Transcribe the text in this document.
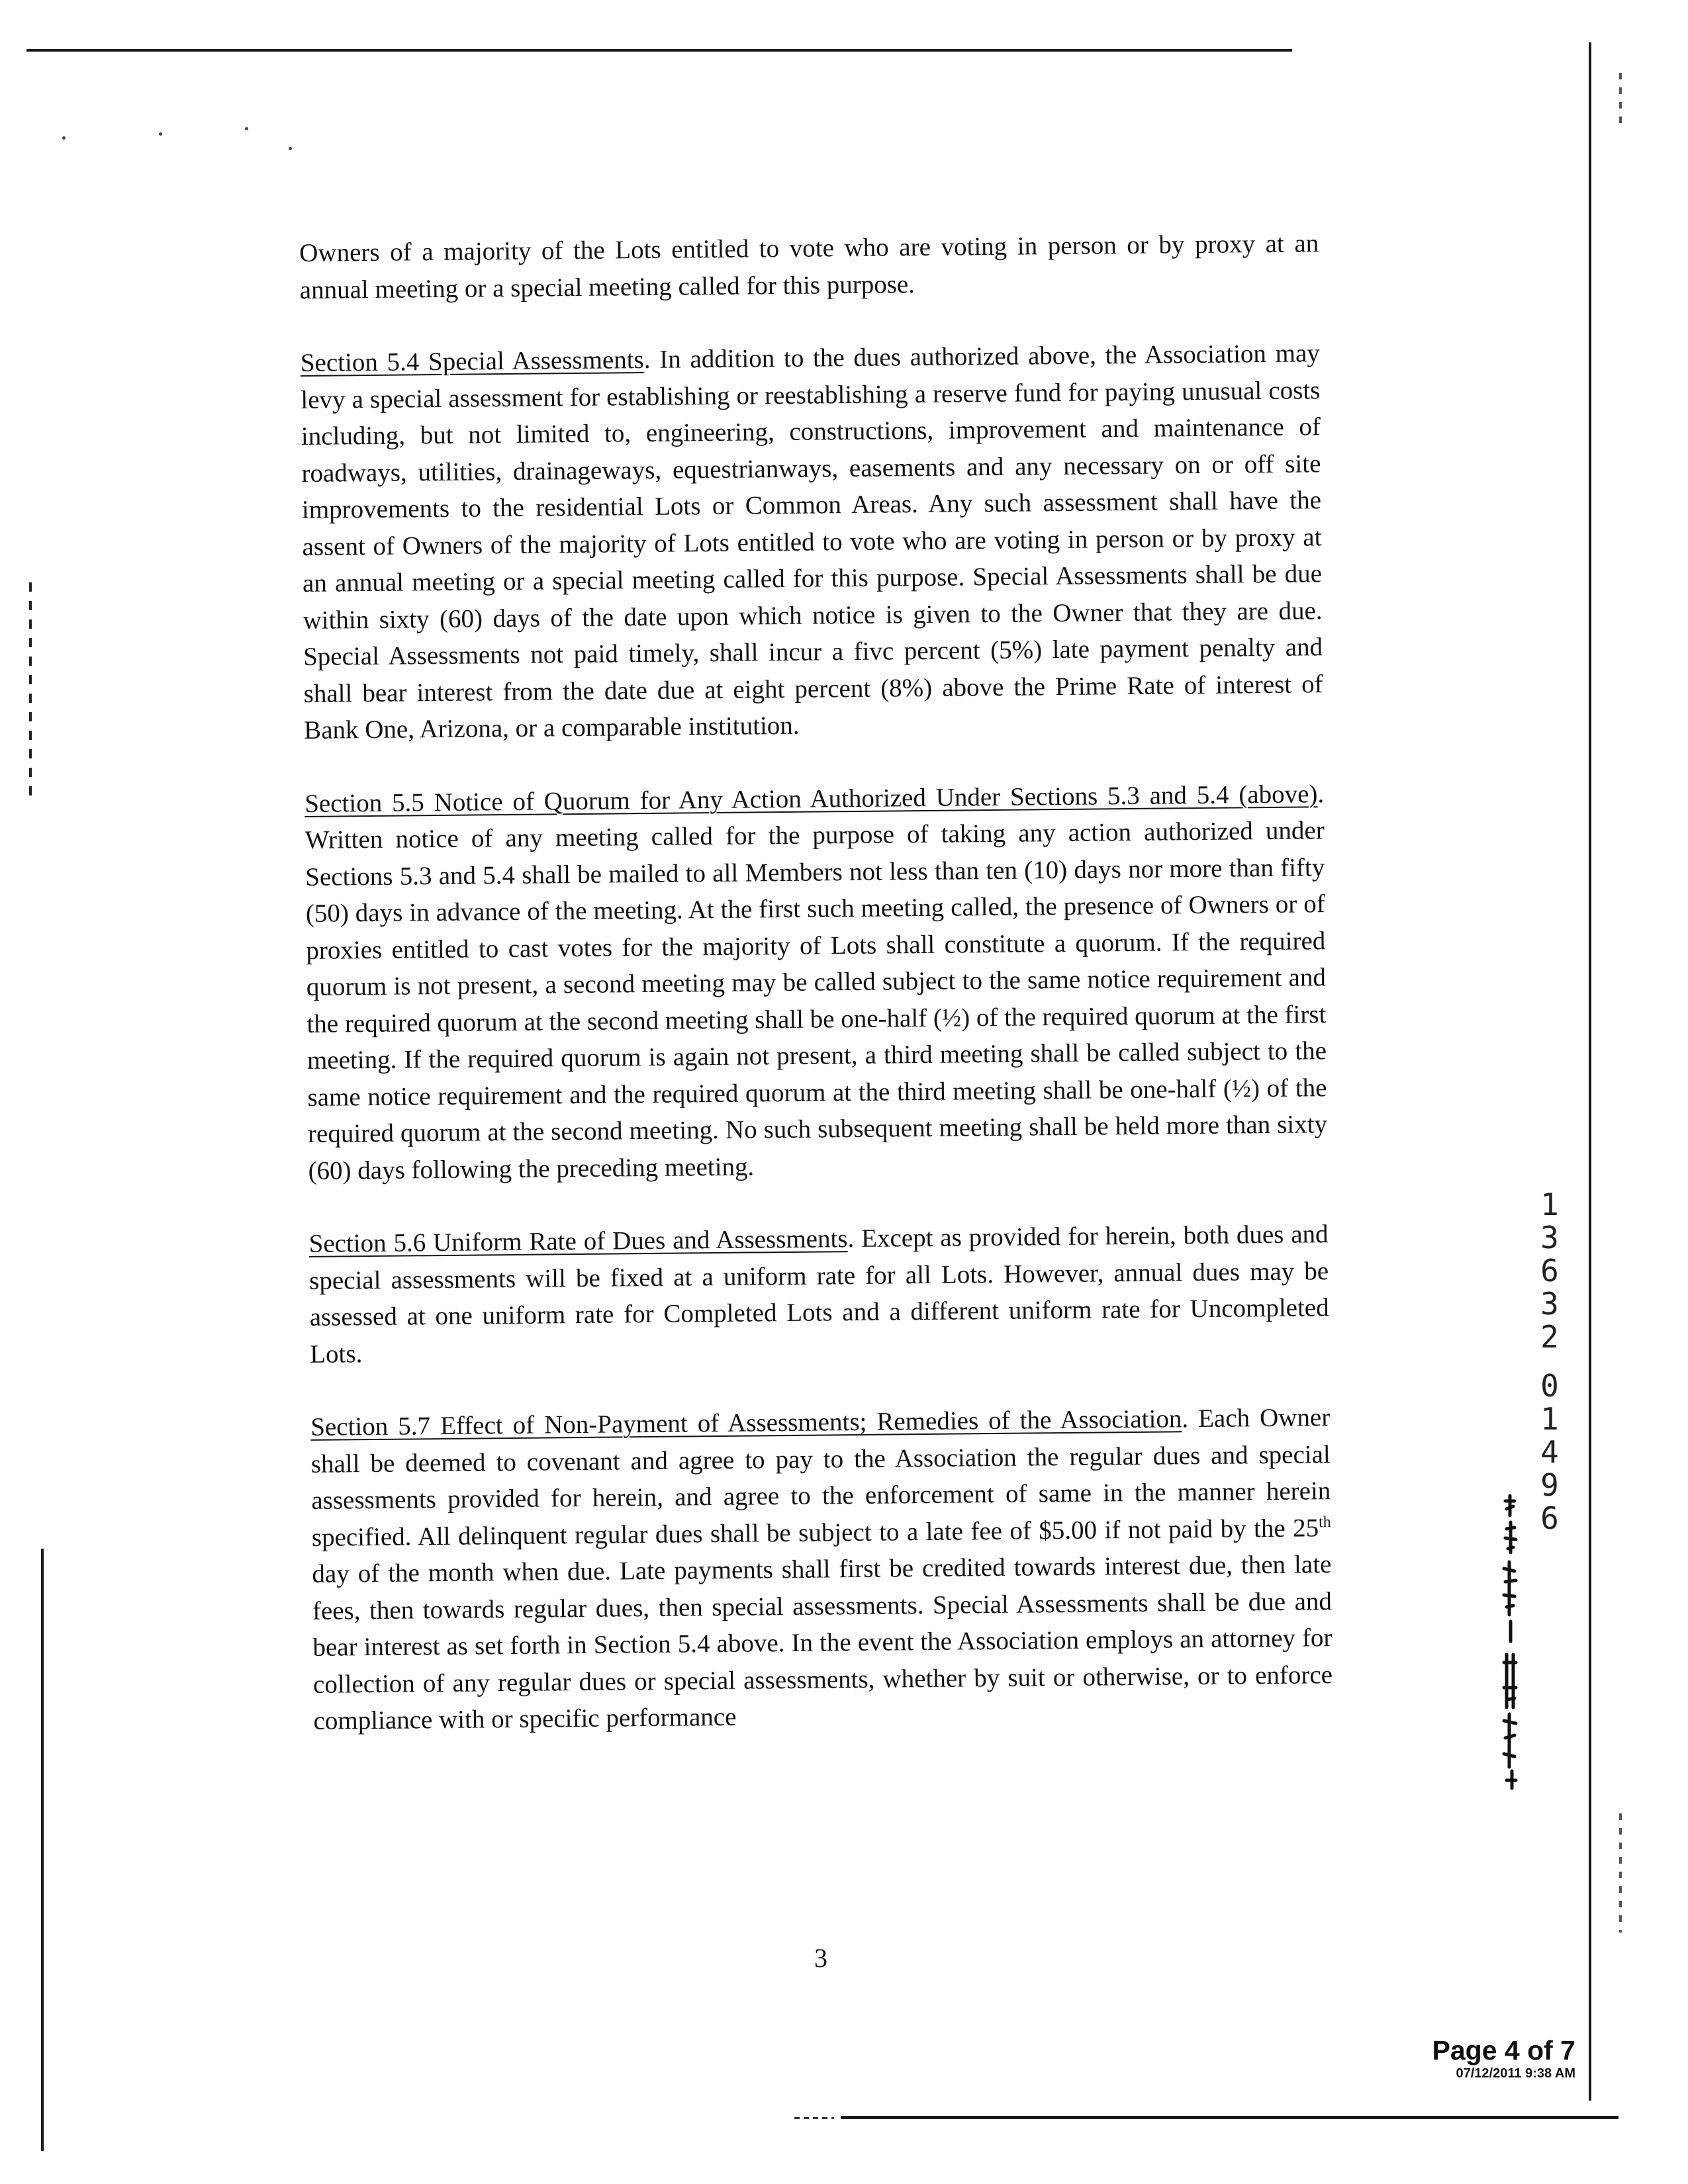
Owners of a majority of the Lots entitled to vote who are voting in person or by proxy at an annual meeting or a special meeting called for this purpose.

Section 5.4 Special Assessments. In addition to the dues authorized above, the Association may levy a special assessment for establishing or reestablishing a reserve fund for paying unusual costs including, but not limited to, engineering, constructions, improvement and maintenance of roadways, utilities, drainageways, equestrianways, easements and any necessary on or off site improvements to the residential Lots or Common Areas. Any such assessment shall have the assent of Owners of the majority of Lots entitled to vote who are voting in person or by proxy at an annual meeting or a special meeting called for this purpose. Special Assessments shall be due within sixty (60) days of the date upon which notice is given to the Owner that they are due. Special Assessments not paid timely, shall incur a fivc percent (5%) late payment penalty and shall bear interest from the date due at eight percent (8%) above the Prime Rate of interest of Bank One, Arizona, or a comparable institution.

Section 5.5 Notice of Quorum for Any Action Authorized Under Sections 5.3 and 5.4 (above). Written notice of any meeting called for the purpose of taking any action authorized under Sections 5.3 and 5.4 shall be mailed to all Members not less than ten (10) days nor more than fifty (50) days in advance of the meeting. At the first such meeting called, the presence of Owners or of proxies entitled to cast votes for the majority of Lots shall constitute a quorum. If the required quorum is not present, a second meeting may be called subject to the same notice requirement and the required quorum at the second meeting shall be one-half (½) of the required quorum at the first meeting. If the required quorum is again not present, a third meeting shall be called subject to the same notice requirement and the required quorum at the third meeting shall be one-half (½) of the required quorum at the second meeting. No such subsequent meeting shall be held more than sixty (60) days following the preceding meeting.

Section 5.6 Uniform Rate of Dues and Assessments. Except as provided for herein, both dues and special assessments will be fixed at a uniform rate for all Lots. However, annual dues may be assessed at one uniform rate for Completed Lots and a different uniform rate for Uncompleted Lots.

Section 5.7 Effect of Non-Payment of Assessments; Remedies of the Association. Each Owner shall be deemed to covenant and agree to pay to the Association the regular dues and special assessments provided for herein, and agree to the enforcement of same in the manner herein specified. All delinquent regular dues shall be subject to a late fee of $5.00 if not paid by the 25th day of the month when due. Late payments shall first be credited towards interest due, then late fees, then towards regular dues, then special assessments. Special Assessments shall be due and bear interest as set forth in Section 5.4 above. In the event the Association employs an attorney for collection of any regular dues or special assessments, whether by suit or otherwise, or to enforce compliance with or specific performance

3
1
3
6
3
2
0
1
4
9
6
Page 4 of 7
07/12/2011 9:38 AM
